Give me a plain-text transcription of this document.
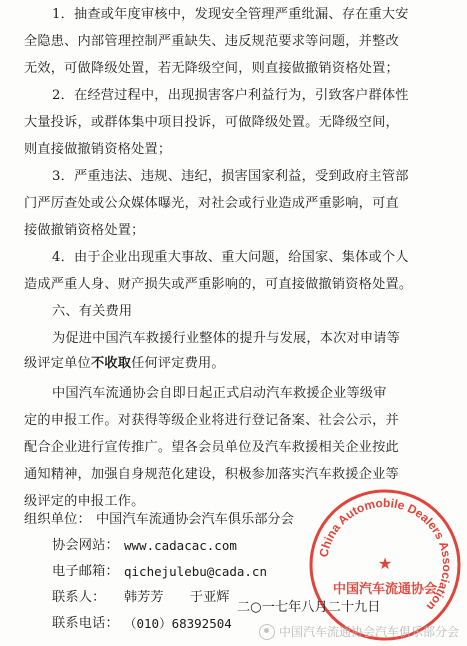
1．抽查或年度审核中，发现安全管理严重纰漏、存在重大安
全隐患、内部管理控制严重缺失、违反规范要求等问题，并整改
无效，可做降级处置，若无降级空间，则直接做撤销资格处置；
2．在经营过程中，出现损害客户利益行为，引致客户群体性
大量投诉，或群体集中项目投诉，可做降级处置。无降级空间，
则直接做撤销资格处置；
3．严重违法、违规、违纪，损害国家利益，受到政府主管部
门严厉查处或公众媒体曝光，对社会或行业造成严重影响，可直
接做撤销资格处置；
4．由于企业出现重大事故、重大问题，给国家、集体或个人
造成严重人身、财产损失或严重影响的，可直接做撤销资格处置。
六、有关费用
为促进中国汽车救援行业整体的提升与发展，本次对申请等
级评定单位不收取任何评定费用。
中国汽车流通协会自即日起正式启动汽车救援企业等级审
定的申报工作。对获得等级企业将进行登记备案、社会公示，并
配合企业进行宣传推广。望各会员单位及汽车救援相关企业按此
通知精神，加强自身规范化建设，积极参加落实汽车救援企业等
级评定的申报工作。
组织单位： 中国汽车流通协会汽车俱乐部分会
协会网站： www.cadacac.com
电子邮箱： qichejulebu@cada.cn
联系人： 韩芳芳　　于亚辉
联系电话：
China Automobile Dealers Association
★
中国汽车流通协会
二○一七年八月二十九日
中国汽车流通协会汽车俱乐部分会
（010）68392504
